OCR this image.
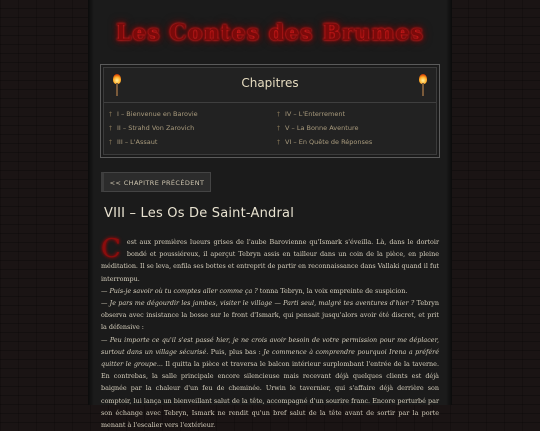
Les Contes des Brumes
Chapitres
† I – Bienvenue en Barovie
† II – Strahd Von Zarovich
† III – L'Assaut
† IV – L'Enterrement
† V – La Bonne Aventure
† VI – En Quête de Réponses
<< CHAPITRE PRÉCÉDENT
VIII – Les Os De Saint-Andral

Cest aux premières lueurs grises de l'aube Barovienne qu'Ismark s'éveilla. Là, dans le dortoir bondé et poussiéreux, il aperçut Tebryn assis en tailleur dans un coin de la pièce, en pleine méditation. Il se leva, enfila ses bottes et entreprit de partir en reconnaissance dans Vallaki quand il fut interrompu.

— Puis-je savoir où tu comptes aller comme ça ? tonna Tebryn, la voix empreinte de suspicion.

— Je pars me dégourdir les jambes, visiter le village — Parti seul, malgré tes aventures d'hier ? Tebryn observa avec insistance la bosse sur le front d'Ismark, qui pensait jusqu'alors avoir été discret, et prit la défensive :

— Peu importe ce qu'il s'est passé hier, je ne crois avoir besoin de votre permission pour me déplacer, surtout dans un village sécurisé. Puis, plus bas : Je commence à comprendre pourquoi Irena a préféré quitter le groupe... Il quitta la pièce et traversa le balcon intérieur surplombant l'entrée de la taverne. En contrebas, la salle principale encore silencieuse mais recevant déjà quelques clients est déjà baignée par la chaleur d'un feu de cheminée. Urwin le tavernier, qui s'affaire déjà derrière son comptoir, lui lança un bienveillant salut de la tête, accompagné d'un sourire franc. Encore perturbé par son échange avec Tebryn, Ismark ne rendit qu'un bref salut de la tête avant de sortir par la porte menant à l'escalier vers l'extérieur.
